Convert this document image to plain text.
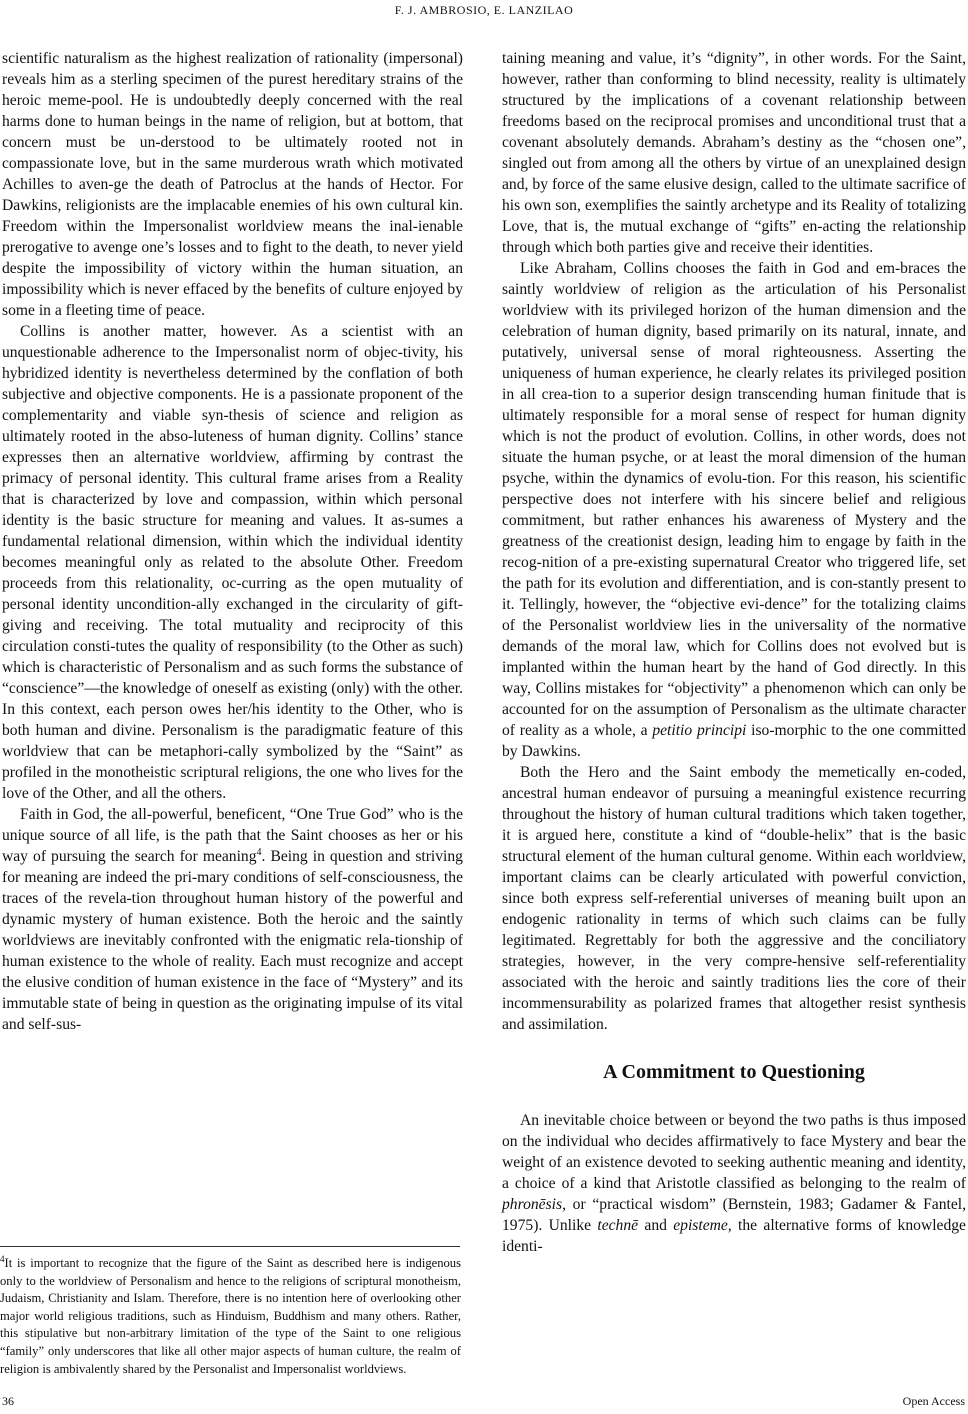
F. J. AMBROSIO, E. LANZILAO

scientific naturalism as the highest realization of rationality (impersonal) reveals him as a sterling specimen of the purest hereditary strains of the heroic meme-pool. He is undoubtedly deeply concerned with the real harms done to human beings in the name of religion, but at bottom, that concern must be un-derstood to be ultimately rooted not in compassionate love, but in the same murderous wrath which motivated Achilles to aven-ge the death of Patroclus at the hands of Hector. For Dawkins, religionists are the implacable enemies of his own cultural kin. Freedom within the Impersonalist worldview means the inal-ienable prerogative to avenge one’s losses and to fight to the death, to never yield despite the impossibility of victory within the human situation, an impossibility which is never effaced by the benefits of culture enjoyed by some in a fleeting time of peace.

Collins is another matter, however. As a scientist with an unquestionable adherence to the Impersonalist norm of objec-tivity, his hybridized identity is nevertheless determined by the conflation of both subjective and objective components. He is a passionate proponent of the complementarity and viable syn-thesis of science and religion as ultimately rooted in the abso-luteness of human dignity. Collins’ stance expresses then an alternative worldview, affirming by contrast the primacy of personal identity. This cultural frame arises from a Reality that is characterized by love and compassion, within which personal identity is the basic structure for meaning and values. It as-sumes a fundamental relational dimension, within which the individual identity becomes meaningful only as related to the absolute Other. Freedom proceeds from this relationality, oc-curring as the open mutuality of personal identity uncondition-ally exchanged in the circularity of gift-giving and receiving. The total mutuality and reciprocity of this circulation consti-tutes the quality of responsibility (to the Other as such) which is characteristic of Personalism and as such forms the substance of “conscience”—the knowledge of oneself as existing (only) with the other. In this context, each person owes her/his identity to the Other, who is both human and divine. Personalism is the paradigmatic feature of this worldview that can be metaphori-cally symbolized by the “Saint” as profiled in the monotheistic scriptural religions, the one who lives for the love of the Other, and all the others.

Faith in God, the all-powerful, beneficent, “One True God” who is the unique source of all life, is the path that the Saint chooses as her or his way of pursuing the search for meaning$^4$. Being in question and striving for meaning are indeed the pri-mary conditions of self-consciousness, the traces of the revela-tion throughout human history of the powerful and dynamic mystery of human existence. Both the heroic and the saintly worldviews are inevitably confronted with the enigmatic rela-tionship of human existence to the whole of reality. Each must recognize and accept the elusive condition of human existence in the face of “Mystery” and its immutable state of being in question as the originating impulse of its vital and self-sus-

$^4$It is important to recognize that the figure of the Saint as described here is indigenous only to the worldview of Personalism and hence to the religions of scriptural monotheism, Judaism, Christianity and Islam. Therefore, there is no intention here of overlooking other major world religious traditions, such as Hinduism, Buddhism and many others. Rather, this stipulative but non-arbitrary limitation of the type of the Saint to one religious “family” only underscores that like all other major aspects of human culture, the realm of religion is ambivalently shared by the Personalist and Impersonalist worldviews.

taining meaning and value, it’s “dignity”, in other words. For the Saint, however, rather than conforming to blind necessity, reality is ultimately structured by the implications of a covenant relationship between freedoms based on the reciprocal promises and unconditional trust that a covenant absolutely demands. Abraham’s destiny as the “chosen one”, singled out from among all the others by virtue of an unexplained design and, by force of the same elusive design, called to the ultimate sacrifice of his own son, exemplifies the saintly archetype and its Reality of totalizing Love, that is, the mutual exchange of “gifts” en-acting the relationship through which both parties give and receive their identities.

Like Abraham, Collins chooses the faith in God and em-braces the saintly worldview of religion as the articulation of his Personalist worldview with its privileged horizon of the human dimension and the celebration of human dignity, based primarily on its natural, innate, and putatively, universal sense of moral righteousness. Asserting the uniqueness of human experience, he clearly relates its privileged position in all crea-tion to a superior design transcending human finitude that is ultimately responsible for a moral sense of respect for human dignity which is not the product of evolution. Collins, in other words, does not situate the human psyche, or at least the moral dimension of the human psyche, within the dynamics of evolu-tion. For this reason, his scientific perspective does not interfere with his sincere belief and religious commitment, but rather enhances his awareness of Mystery and the greatness of the creationist design, leading him to engage by faith in the recog-nition of a pre-existing supernatural Creator who triggered life, set the path for its evolution and differentiation, and is con-stantly present to it. Tellingly, however, the “objective evi-dence” for the totalizing claims of the Personalist worldview lies in the universality of the normative demands of the moral law, which for Collins does not evolved but is implanted within the human heart by the hand of God directly. In this way, Collins mistakes for “objectivity” a phenomenon which can only be accounted for on the assumption of Personalism as the ultimate character of reality as a whole, a petitio principi iso-morphic to the one committed by Dawkins.

Both the Hero and the Saint embody the memetically en-coded, ancestral human endeavor of pursuing a meaningful existence recurring throughout the history of human cultural traditions which taken together, it is argued here, constitute a kind of “double-helix” that is the basic structural element of the human cultural genome. Within each worldview, important claims can be clearly articulated with powerful conviction, since both express self-referential universes of meaning built upon an endogenic rationality in terms of which such claims can be fully legitimated. Regrettably for both the aggressive and the conciliatory strategies, however, in the very compre-hensive self-referentiality associated with the heroic and saintly traditions lies the core of their incommensurability as polarized frames that altogether resist synthesis and assimilation.

A Commitment to Questioning

An inevitable choice between or beyond the two paths is thus imposed on the individual who decides affirmatively to face Mystery and bear the weight of an existence devoted to seeking authentic meaning and identity, a choice of a kind that Aristotle classified as belonging to the realm of phronēsis, or “practical wisdom” (Bernstein, 1983; Gadamer & Fantel, 1975). Unlike technē and episteme, the alternative forms of knowledge identi-

36	Open Access
